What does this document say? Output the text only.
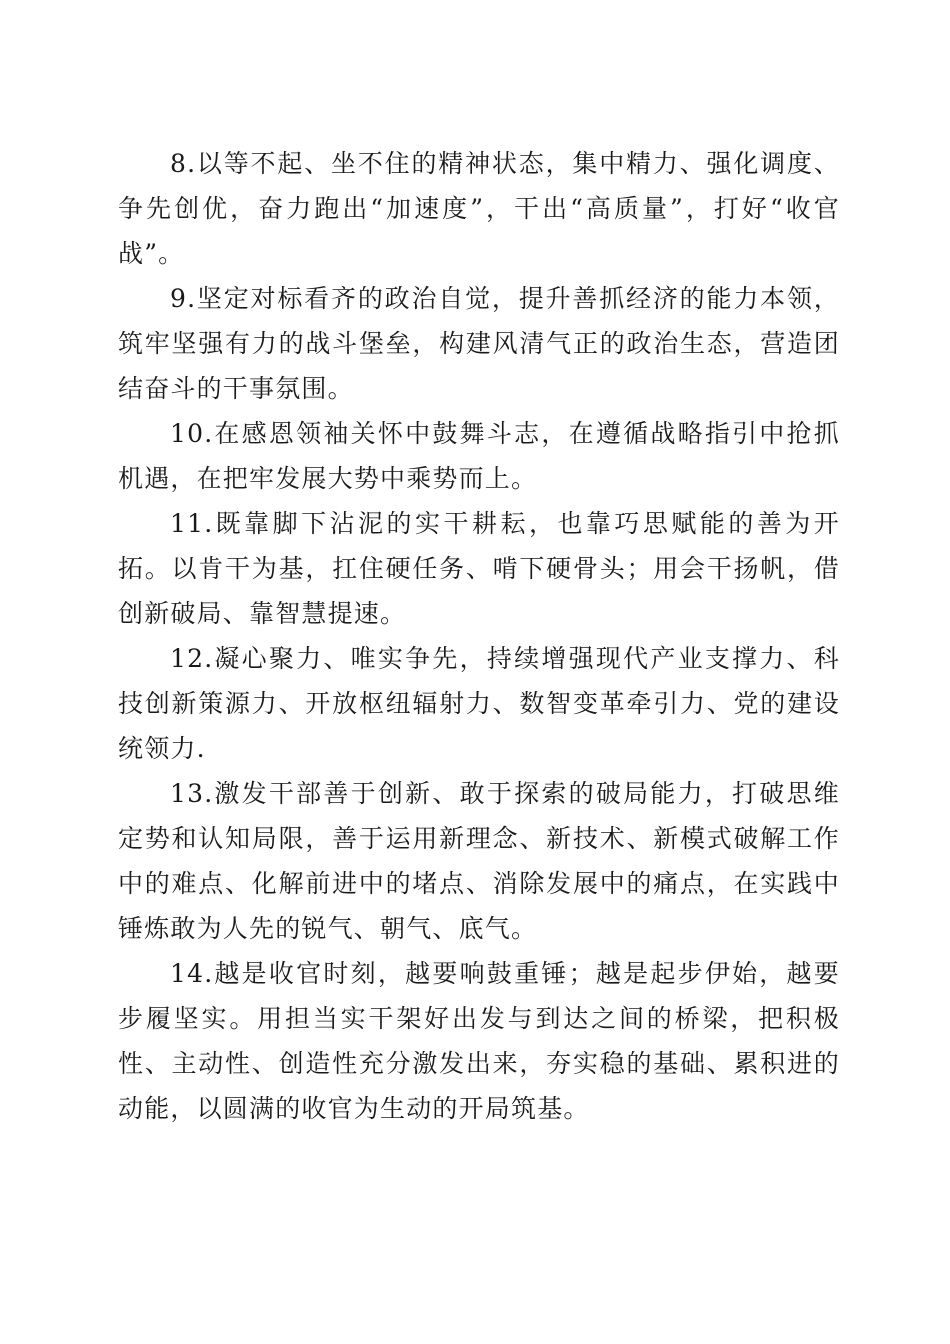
8.以等不起、坐不住的精神状态，集中精力、强化调度、争先创优，奋力跑出“加速度”，干出“高质量”，打好“收官战”。

9.坚定对标看齐的政治自觉，提升善抓经济的能力本领，筑牢坚强有力的战斗堡垒，构建风清气正的政治生态，营造团结奋斗的干事氛围。

10.在感恩领袖关怀中鼓舞斗志，在遵循战略指引中抢抓机遇，在把牢发展大势中乘势而上。

11.既靠脚下沾泥的实干耕耘，也靠巧思赋能的善为开拓。以肯干为基，扛住硬任务、啃下硬骨头；用会干扬帆，借创新破局、靠智慧提速。

12.凝心聚力、唯实争先，持续增强现代产业支撑力、科技创新策源力、开放枢纽辐射力、数智变革牵引力、党的建设统领力.

13.激发干部善于创新、敢于探索的破局能力，打破思维定势和认知局限，善于运用新理念、新技术、新模式破解工作中的难点、化解前进中的堵点、消除发展中的痛点，在实践中锤炼敢为人先的锐气、朝气、底气。

14.越是收官时刻，越要响鼓重锤；越是起步伊始，越要步履坚实。用担当实干架好出发与到达之间的桥梁，把积极性、主动性、创造性充分激发出来，夯实稳的基础、累积进的动能，以圆满的收官为生动的开局筑基。
